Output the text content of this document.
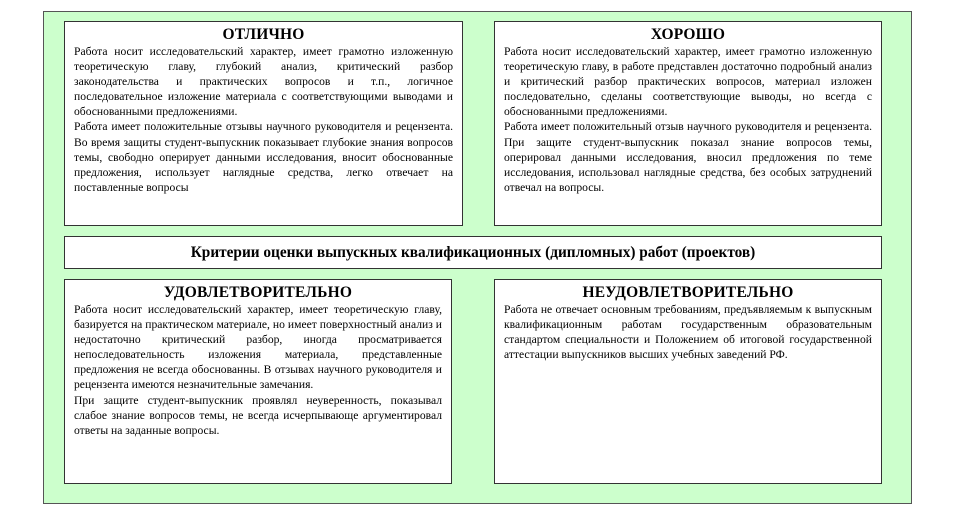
ОТЛИЧНО

Работа носит исследовательский характер, имеет грамотно изложенную теоретическую главу, глубокий анализ, критический разбор законодательства и практических вопросов и т.п., логичное последовательное изложение материала с соответствующими выводами и обоснованными предложениями.

Работа имеет положительные отзывы научного руководителя и рецензента. Во время защиты студент-выпускник показывает глубокие знания вопросов темы, свободно оперирует данными исследования, вносит обоснованные предложения, использует наглядные средства, легко отвечает на поставленные вопросы

ХОРОШО

Работа носит исследовательский характер, имеет грамотно изложенную теоретическую главу, в работе представлен достаточно подробный анализ и критический разбор практических вопросов, материал изложен последовательно, сделаны соответствующие выводы, но всегда с обоснованными предложениями.

Работа имеет положительный отзыв научного руководителя и рецензента. При защите студент-выпускник показал знание вопросов темы, оперировал данными исследования, вносил предложения по теме исследования, использовал наглядные средства, без особых затруднений отвечал на вопросы.

Критерии оценки выпускных квалификационных (дипломных) работ (проектов)
УДОВЛЕТВОРИТЕЛЬНО

Работа носит исследовательский характер, имеет теоретическую главу, базируется на практическом материале, но имеет поверхностный анализ и недостаточно критический разбор, иногда просматривается непоследовательность изложения материала, представленные предложения не всегда обоснованны. В отзывах научного руководителя и рецензента имеются незначительные замечания.

При защите студент-выпускник проявлял неуверенность, показывал слабое знание вопросов темы, не всегда исчерпывающе аргументировал ответы на заданные вопросы.

НЕУДОВЛЕТВОРИТЕЛЬНО

Работа не отвечает основным требованиям, предъявляемым к выпускным квалификационным работам государственным образовательным стандартом специальности и Положением об итоговой государственной аттестации выпускников высших учебных заведений РФ.
